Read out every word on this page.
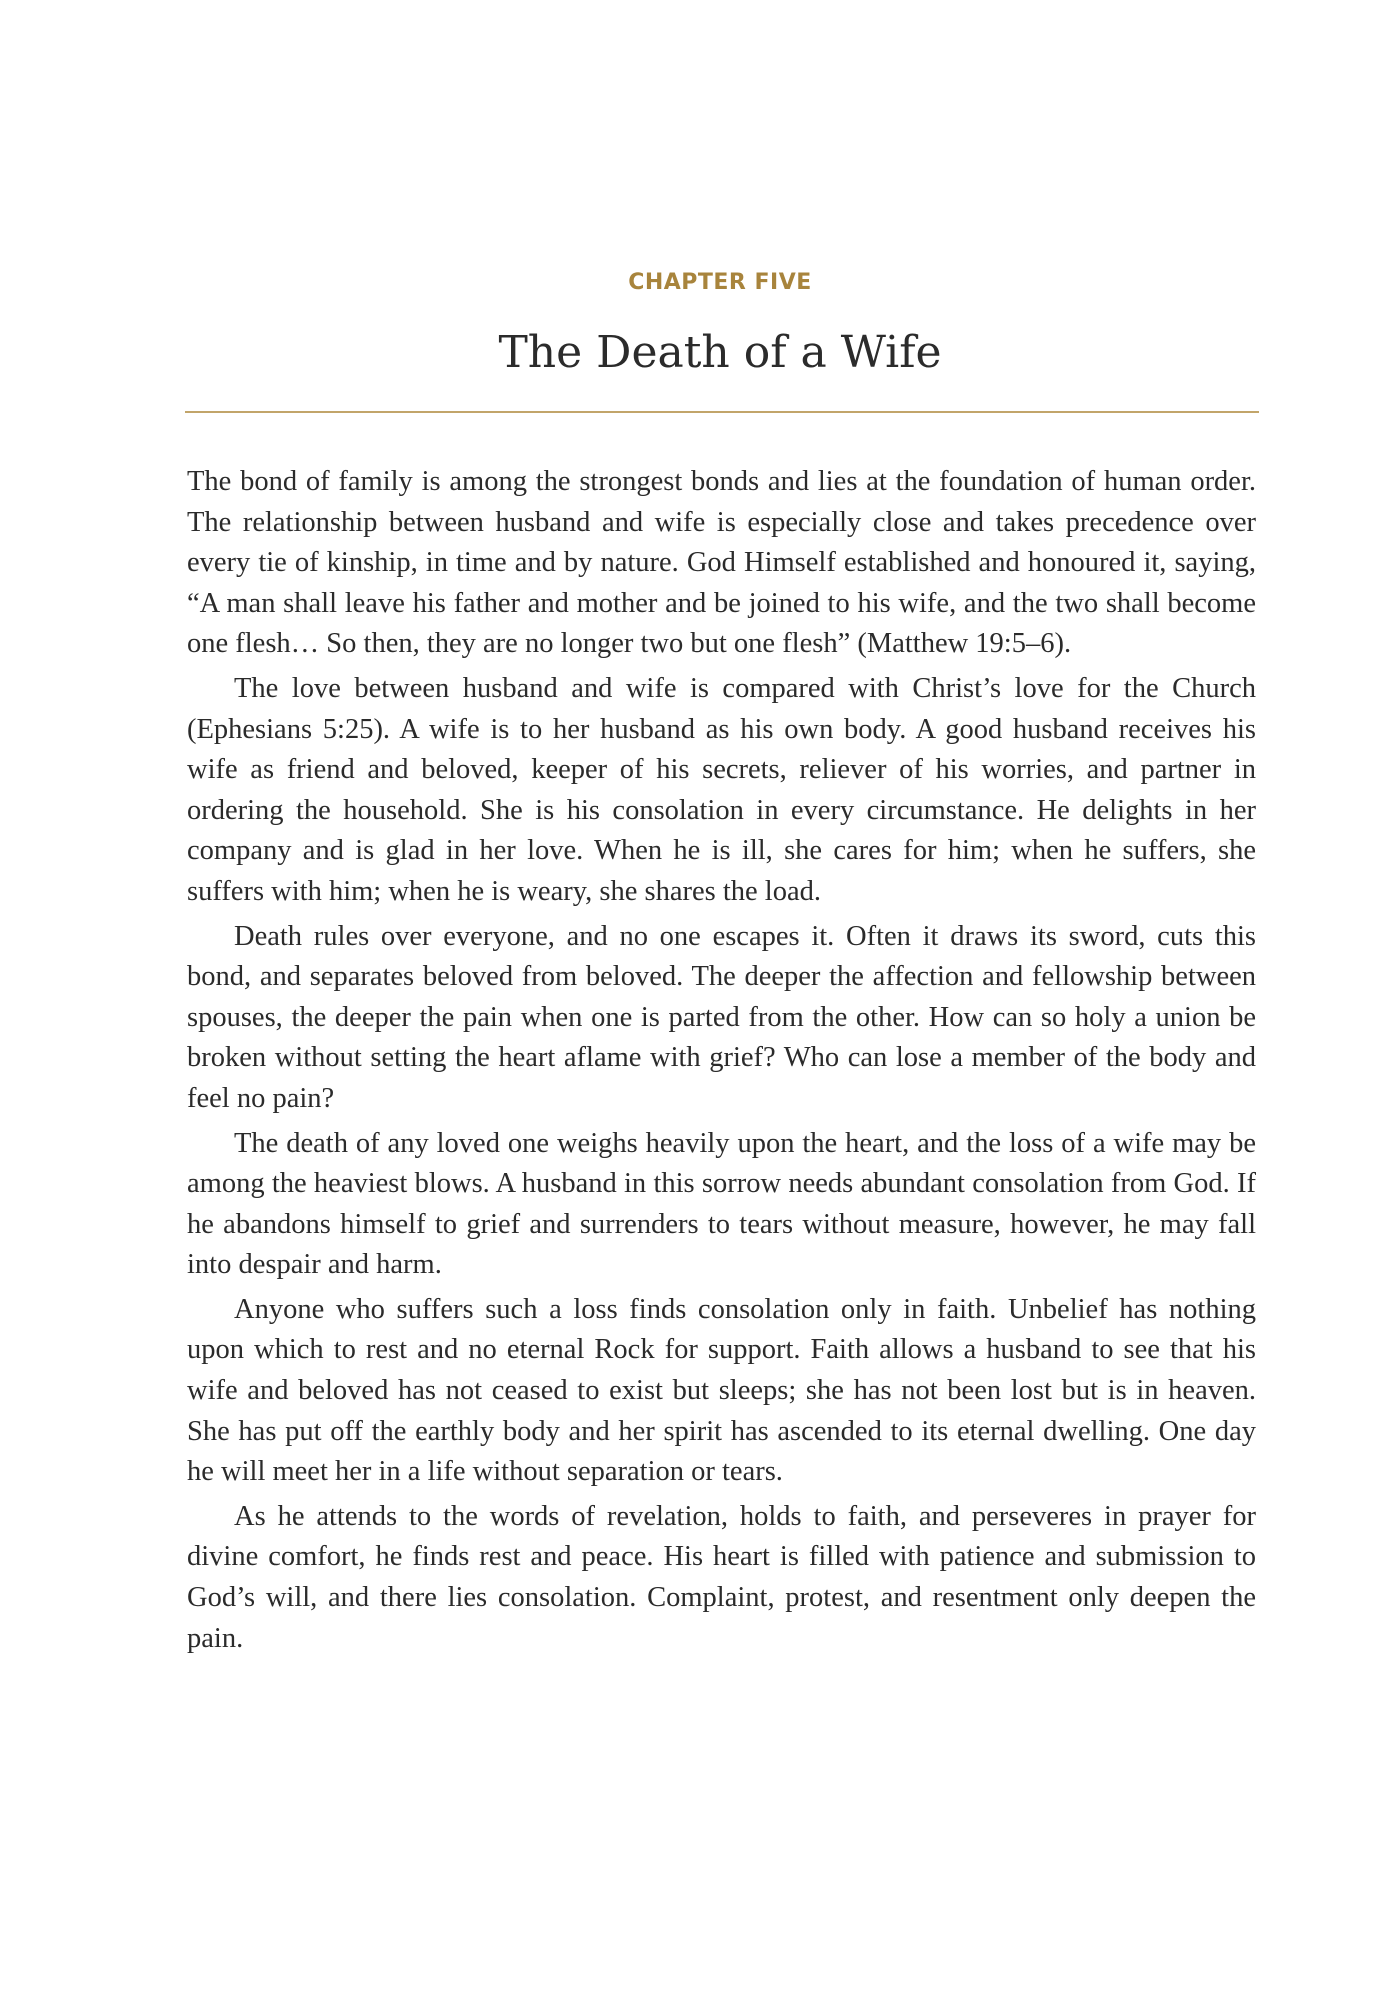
CHAPTER FIVE
The Death of a Wife

The bond of family is among the strongest bonds and lies at the foundation of human order. The relationship between husband and wife is especially close and takes precedence over every tie of kinship, in time and by nature. God Himself established and honoured it, saying, “A man shall leave his father and mother and be joined to his wife, and the two shall become one flesh… So then, they are no longer two but one flesh” (Matthew 19:5–6).

The love between husband and wife is compared with Christ’s love for the Church (Ephesians 5:25). A wife is to her husband as his own body. A good husband receives his wife as friend and beloved, keeper of his secrets, reliever of his worries, and partner in ordering the household. She is his consolation in every circumstance. He delights in her company and is glad in her love. When he is ill, she cares for him; when he suffers, she suffers with him; when he is weary, she shares the load.

Death rules over everyone, and no one escapes it. Often it draws its sword, cuts this bond, and separates beloved from beloved. The deeper the affection and fellowship between spouses, the deeper the pain when one is parted from the other. How can so holy a union be broken without setting the heart aflame with grief? Who can lose a member of the body and feel no pain?

The death of any loved one weighs heavily upon the heart, and the loss of a wife may be among the heaviest blows. A husband in this sorrow needs abundant consolation from God. If he abandons himself to grief and surrenders to tears without measure, however, he may fall into despair and harm.

Anyone who suffers such a loss finds consolation only in faith. Unbelief has nothing upon which to rest and no eternal Rock for support. Faith allows a husband to see that his wife and beloved has not ceased to exist but sleeps; she has not been lost but is in heaven. She has put off the earthly body and her spirit has ascended to its eternal dwelling. One day he will meet her in a life without separation or tears.

As he attends to the words of revelation, holds to faith, and perseveres in prayer for divine comfort, he finds rest and peace. His heart is filled with patience and submission to God’s will, and there lies consolation. Complaint, protest, and resentment only deepen the pain.
